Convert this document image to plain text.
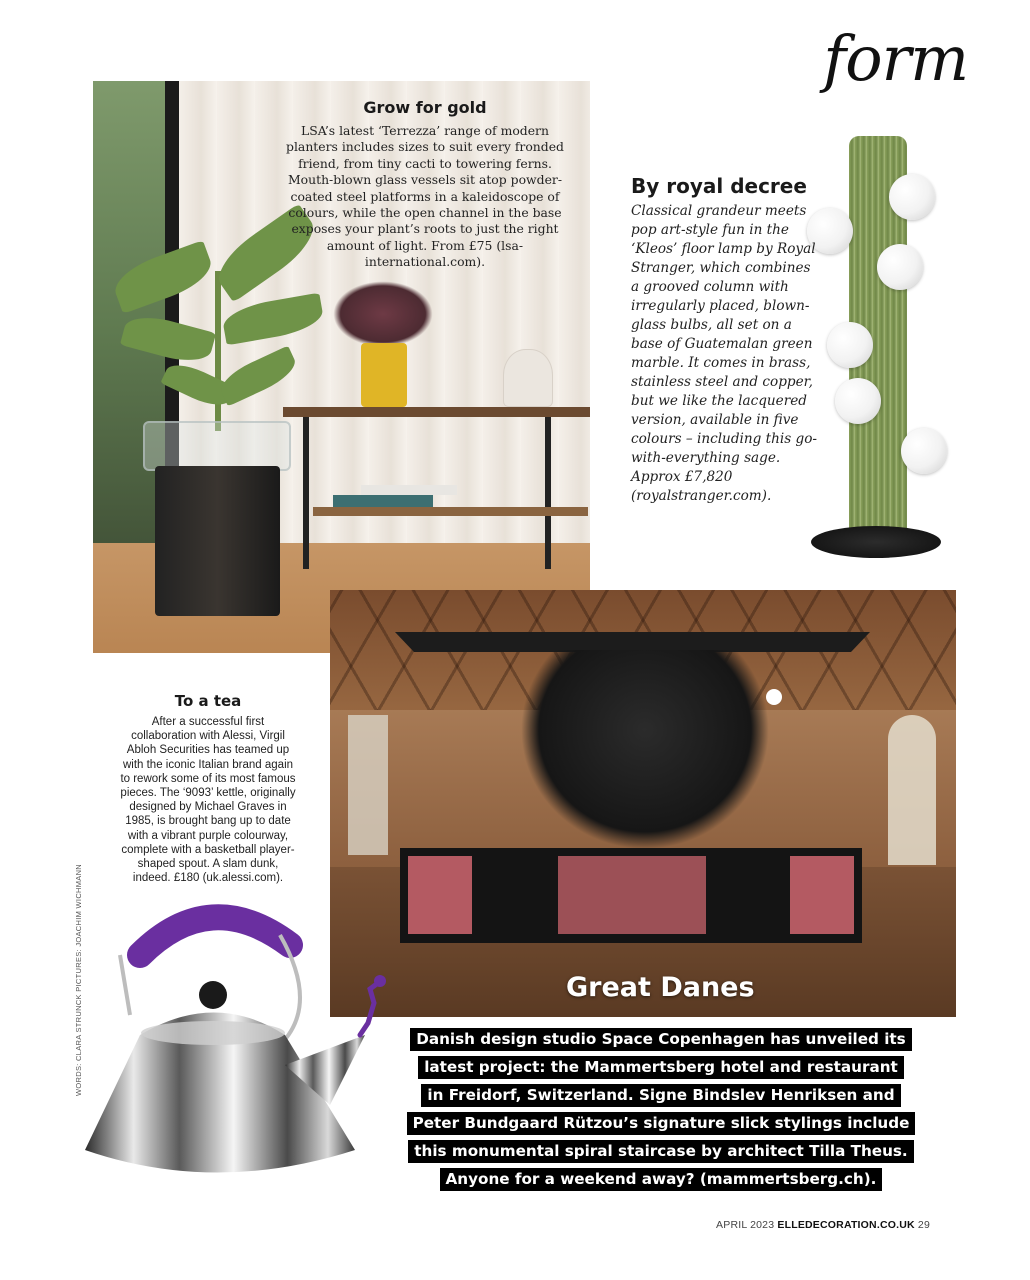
form
Grow for gold

LSA’s latest ‘Terrezza’ range of modern planters includes sizes to suit every fronded friend, from tiny cacti to towering ferns. Mouth-blown glass vessels sit atop powder-coated steel platforms in a kaleidoscope of colours, while the open channel in the base exposes your plant’s roots to just the right amount of light. From £75 (lsa-international.com).

By royal decree

Classical grandeur meets pop art-style fun in the ‘Kleos’ floor lamp by Royal Stranger, which combines a grooved column with irregularly placed, blown-glass bulbs, all set on a base of Guatemalan green marble. It comes in brass, stainless steel and copper, but we like the lacquered version, available in five colours – including this go-with-everything sage. Approx £7,820 (royalstranger.com).

Great Danes
To a tea

After a successful first collaboration with Alessi, Virgil Abloh Securities has teamed up with the iconic Italian brand again to rework some of its most famous pieces. The ‘9093’ kettle, originally designed by Michael Graves in 1985, is brought bang up to date with a vibrant purple colourway, complete with a basketball player-shaped spout. A slam dunk, indeed. £180 (uk.alessi.com).

WORDS: CLARA STRUNCK PICTURES: JOACHIM WICHMANN	Danish design studio Space Copenhagen has unveiled its
latest project: the Mammertsberg hotel and restaurant
in Freidorf, Switzerland. Signe Bindslev Henriksen and
Peter Bundgaard Rützou’s signature slick stylings include
this monumental spiral staircase by architect Tilla Theus.
Anyone for a weekend away? (mammertsberg.ch).
APRIL 2023 ELLEDECORATION.CO.UK 29
